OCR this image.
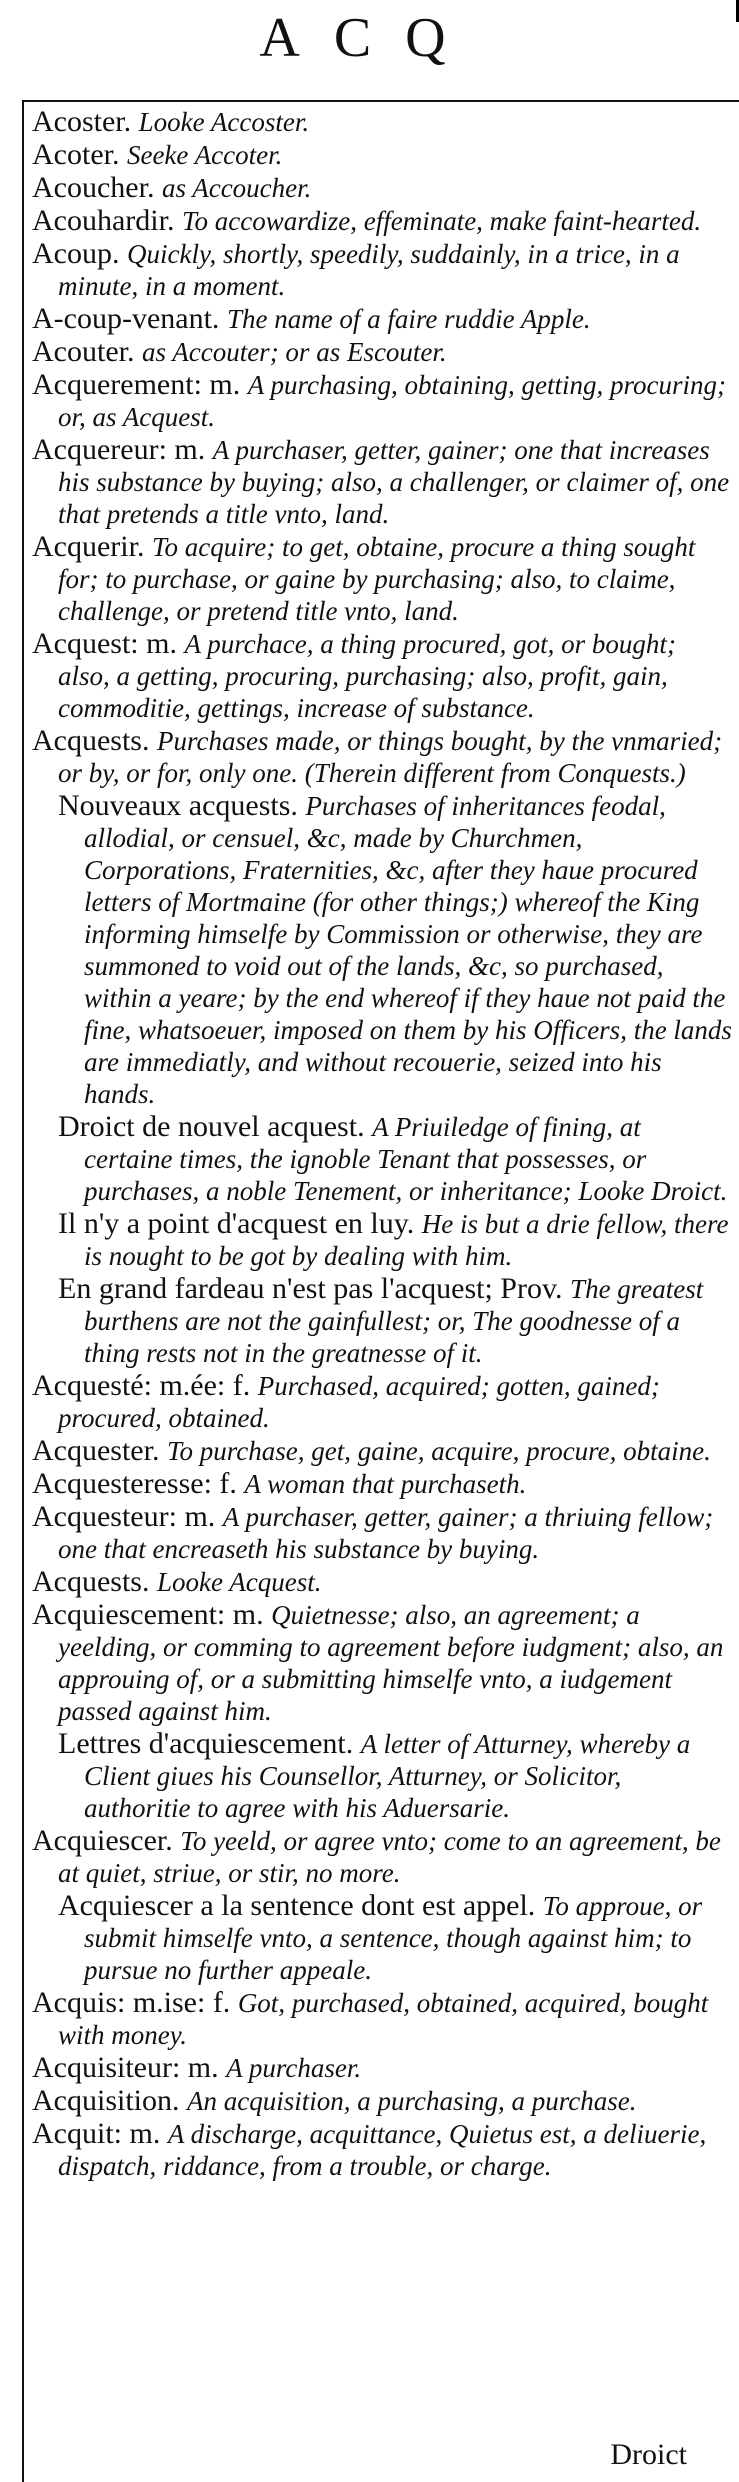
ACQ
Acoster. Looke Accoster.
Acoter. Seeke Accoter.
Acoucher. as Accoucher.
Acouhardir. To accowardize, effeminate, make faint-hearted.
Acoup. Quickly, shortly, speedily, suddainly, in a trice, in a minute, in a moment.
A-coup-venant. The name of a faire ruddie Apple.
Acouter. as Accouter; or as Escouter.
Acquerement: m. A purchasing, obtaining, getting, procuring; or, as Acquest.
Acquereur: m. A purchaser, getter, gainer; one that increases his substance by buying; also, a challenger, or claimer of, one that pretends a title vnto, land.
Acquerir. To acquire; to get, obtaine, procure a thing sought for; to purchase, or gaine by purchasing; also, to claime, challenge, or pretend title vnto, land.
Acquest: m. A purchace, a thing procured, got, or bought; also, a getting, procuring, purchasing; also, profit, gain, commoditie, gettings, increase of substance.
Acquests. Purchases made, or things bought, by the vnmaried; or by, or for, only one. (Therein different from Conquests.)
Nouveaux acquests. Purchases of inheritances feodal, allodial, or censuel, &c, made by Churchmen, Corporations, Fraternities, &c, after they haue procured letters of Mortmaine (for other things;) whereof the King informing himselfe by Commission or otherwise, they are summoned to void out of the lands, &c, so purchased, within a yeare; by the end whereof if they haue not paid the fine, whatsoeuer, imposed on them by his Officers, the lands are immediatly, and without recouerie, seized into his hands.
Droict de nouvel acquest. A Priuiledge of fining, at certaine times, the ignoble Tenant that possesses, or purchases, a noble Tenement, or inheritance; Looke Droict.
Il n'y a point d'acquest en luy. He is but a drie fellow, there is nought to be got by dealing with him.
En grand fardeau n'est pas l'acquest; Prov. The greatest burthens are not the gainfullest; or, The goodnesse of a thing rests not in the greatnesse of it.
Acquesté: m.ée: f. Purchased, acquired; gotten, gained; procured, obtained.
Acquester. To purchase, get, gaine, acquire, procure, obtaine.
Acquesteresse: f. A woman that purchaseth.
Acquesteur: m. A purchaser, getter, gainer; a thriuing fellow; one that encreaseth his substance by buying.
Acquests. Looke Acquest.
Acquiescement: m. Quietnesse; also, an agreement; a yeelding, or comming to agreement before iudgment; also, an approuing of, or a submitting himselfe vnto, a iudgement passed against him.
Lettres d'acquiescement. A letter of Atturney, whereby a Client giues his Counsellor, Atturney, or Solicitor, authoritie to agree with his Aduersarie.
Acquiescer. To yeeld, or agree vnto; come to an agreement, be at quiet, striue, or stir, no more.
Acquiescer a la sentence dont est appel. To approue, or submit himselfe vnto, a sentence, though against him; to pursue no further appeale.
Acquis: m.ise: f. Got, purchased, obtained, acquired, bought with money.
Acquisiteur: m. A purchaser.
Acquisition. An acquisition, a purchasing, a purchase.
Acquit: m. A discharge, acquittance, Quietus est, a deliuerie, dispatch, riddance, from a trouble, or charge.
Droict
